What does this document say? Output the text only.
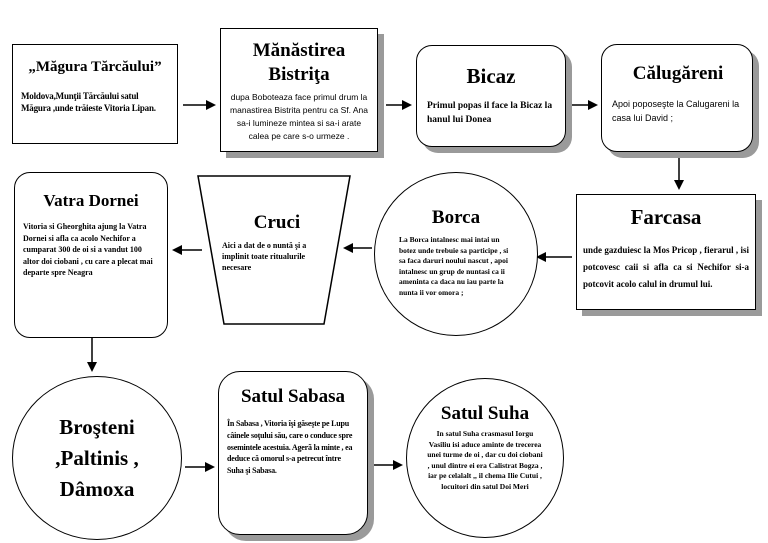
„Măgura Tărcăului”
Moldova,Munţii Tărcăului satul Măgura ,unde trăieste Vitoria Lipan.
Mănăstirea Bistriţa
dupa Boboteaza face primul drum la manastirea Bistrita pentru ca Sf. Ana sa-i lumineze mintea si sa-i arate calea pe care s-o urmeze .
Bicaz
Primul popas il face la Bicaz la hanul lui Donea
Călugăreni
Apoi poposeşte la Calugareni la casa lui David ;
Farcasa
unde gazduiesc la Mos Pricop , fierarul , isi potcovesc caii si afla ca si Nechifor si-a potcovit acolo calul in drumul lui.
Borca
La Borca intalnesc mai intai un botez unde trebuie sa participe , si sa faca daruri noului nascut , apoi intalnesc un grup de nuntasi ca ii ameninta ca daca nu iau parte la nunta ii vor omora ;
Cruci
Aici a dat de o nuntă şi a implinit toate ritualurile necesare
Vatra Dornei
Vitoria si Gheorghita ajung la Vatra Dornei si afla ca acolo Nechifor a cumparat 300 de oi si a vandut 100 altor doi ciobani , cu care a plecat mai departe spre Neagra
Broşteni ,Paltinis , Dâmoxa
Satul Sabasa
În Sabasa , Vitoria îşi găseşte pe Lupu câinele soţului său, care o conduce spre osemintele acestuia. Agerã la minte , ea deduce că omorul s-a petrecut între Suha şi Sabasa.
Satul Suha
In satul Suha crasmasul Iorgu Vasiliu isi aduce aminte de trecerea unei turme de oi , dar cu doi ciobani , unul dintre ei era Calistrat Bogza , iar pe celalalt ,, il chema Ilie Cutui , locuitori din satul Doi Meri
